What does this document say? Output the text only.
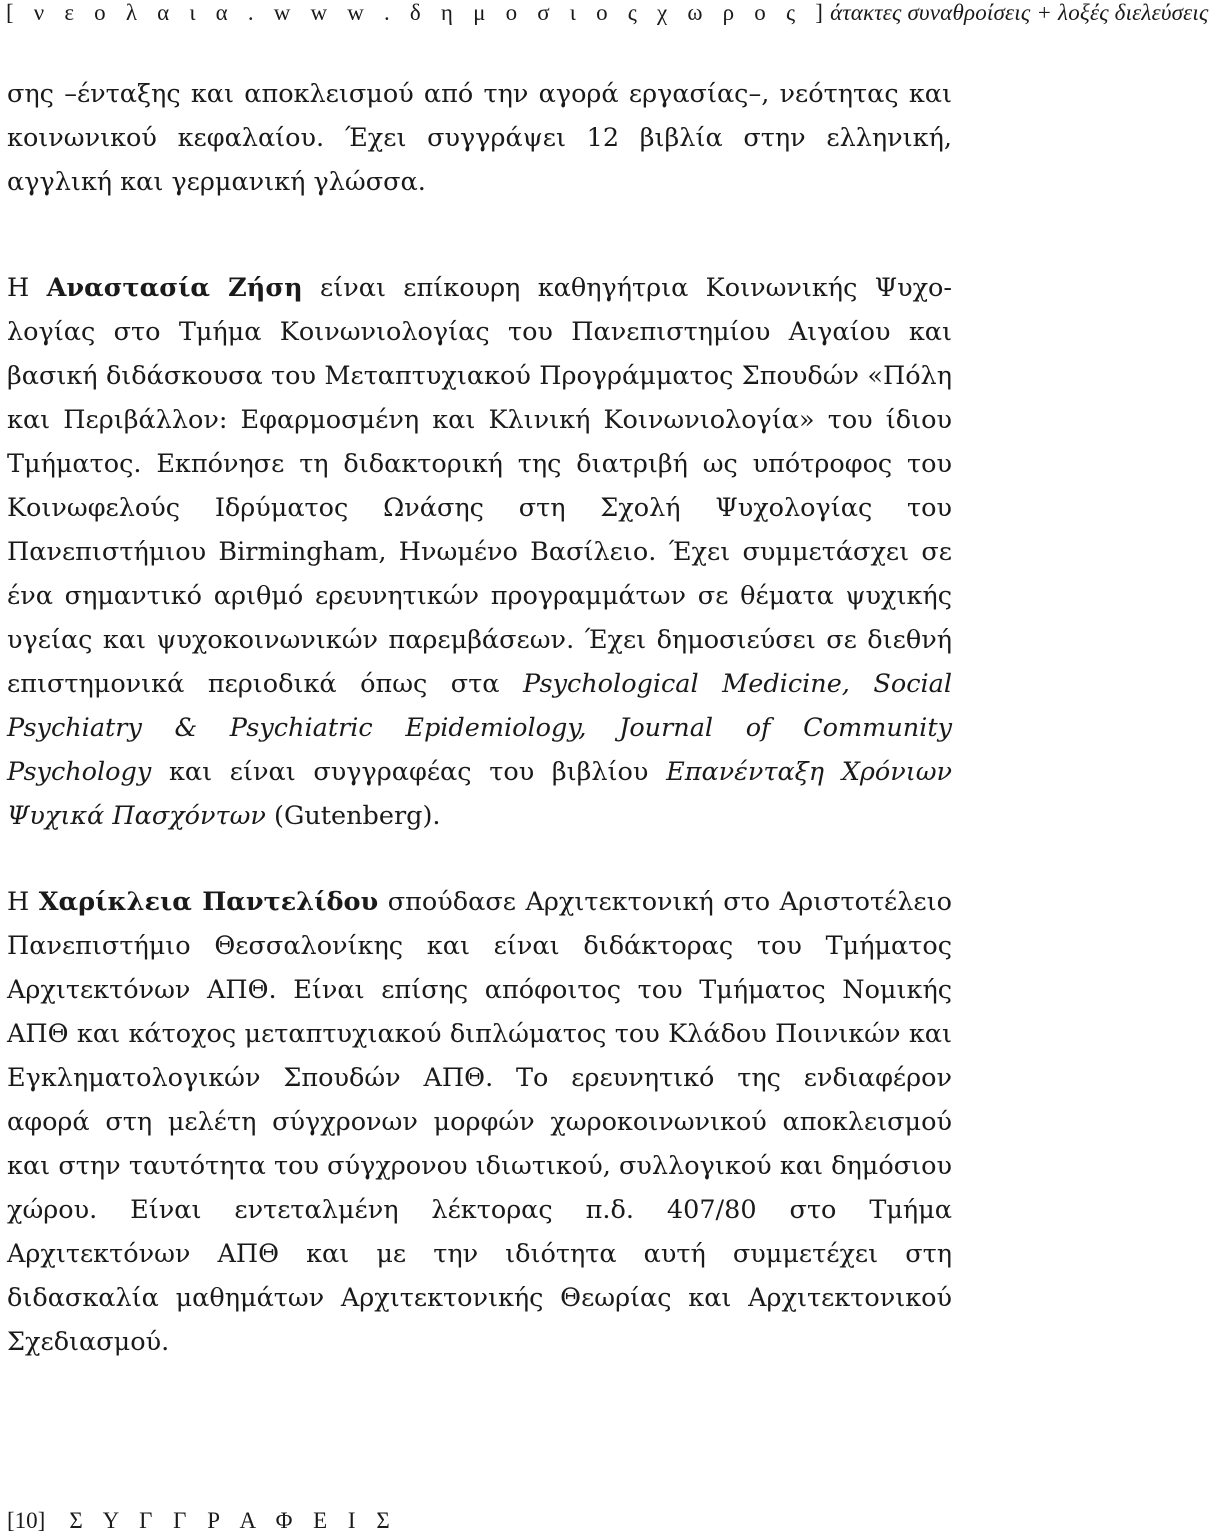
[ ν ε ο λ α ι α . w w w . δ η μ ο σ ι ο ς χ ω ρ ο ς ] άτακτες συναθροίσεις + λοξές διελεύσεις

σης –ένταξης και αποκλεισμού από την αγορά εργασίας–, νεότητας και κοινωνικού κεφαλαίου. Έχει συγγράψει 12 βιβλία στην ελληνική, αγγλική και γερμανική γλώσσα.

Η Αναστασία Ζήση είναι επίκουρη καθηγήτρια Κοινωνικής Ψυχολογίας στο Τμήμα Κοινωνιολογίας του Πανεπιστημίου Αιγαίου και βασική διδάσκουσα του Μεταπτυχιακού Προγράμματος Σπουδών «Πόλη και Περιβάλλον: Εφαρμοσμένη και Κλινική Κοινωνιολογία» του ίδιου Τμήματος. Εκπόνησε τη διδακτορική της διατριβή ως υπότροφος του Κοινωφελούς Ιδρύματος Ωνάσης στη Σχολή Ψυχολογίας του Πανεπιστήμιου Birmingham, Ηνωμένο Βασίλειο. Έχει συμμετάσχει σε ένα σημαντικό αριθμό ερευνητικών προγραμμάτων σε θέματα ψυχικής υγείας και ψυχοκοινωνικών παρεμβάσεων. Έχει δημοσιεύσει σε διεθνή επιστημονικά περιοδικά όπως στα Psychological Medicine, Social Psychiatry & Psychiatric Epidemiology, Journal of Community Psychology και είναι συγγραφέας του βιβλίου Επανένταξη Χρόνιων Ψυχικά Πασχόντων (Gutenberg).

Η Χαρίκλεια Παντελίδου σπούδασε Αρχιτεκτονική στο Αριστοτέλειο Πανεπιστήμιο Θεσσαλονίκης και είναι διδάκτορας του Τμήματος Αρχιτεκτόνων ΑΠΘ. Είναι επίσης απόφοιτος του Τμήματος Νομικής ΑΠΘ και κάτοχος μεταπτυχιακού διπλώματος του Κλάδου Ποινικών και Εγκληματολογικών Σπουδών ΑΠΘ. Το ερευνητικό της ενδιαφέρον αφορά στη μελέτη σύγχρονων μορφών χωροκοινωνικού αποκλεισμού και στην ταυτότητα του σύγχρονου ιδιωτικού, συλλογικού και δημόσιου χώρου. Είναι εντεταλμένη λέκτορας π.δ. 407/80 στο Τμήμα Αρχιτεκτόνων ΑΠΘ και με την ιδιότητα αυτή συμμετέχει στη διδασκαλία μαθημάτων Αρχιτεκτονικής Θεωρίας και Αρχιτεκτονικού Σχεδιασμού.

[10] Σ Υ Γ Γ Ρ Α Φ Ε Ι Σ
